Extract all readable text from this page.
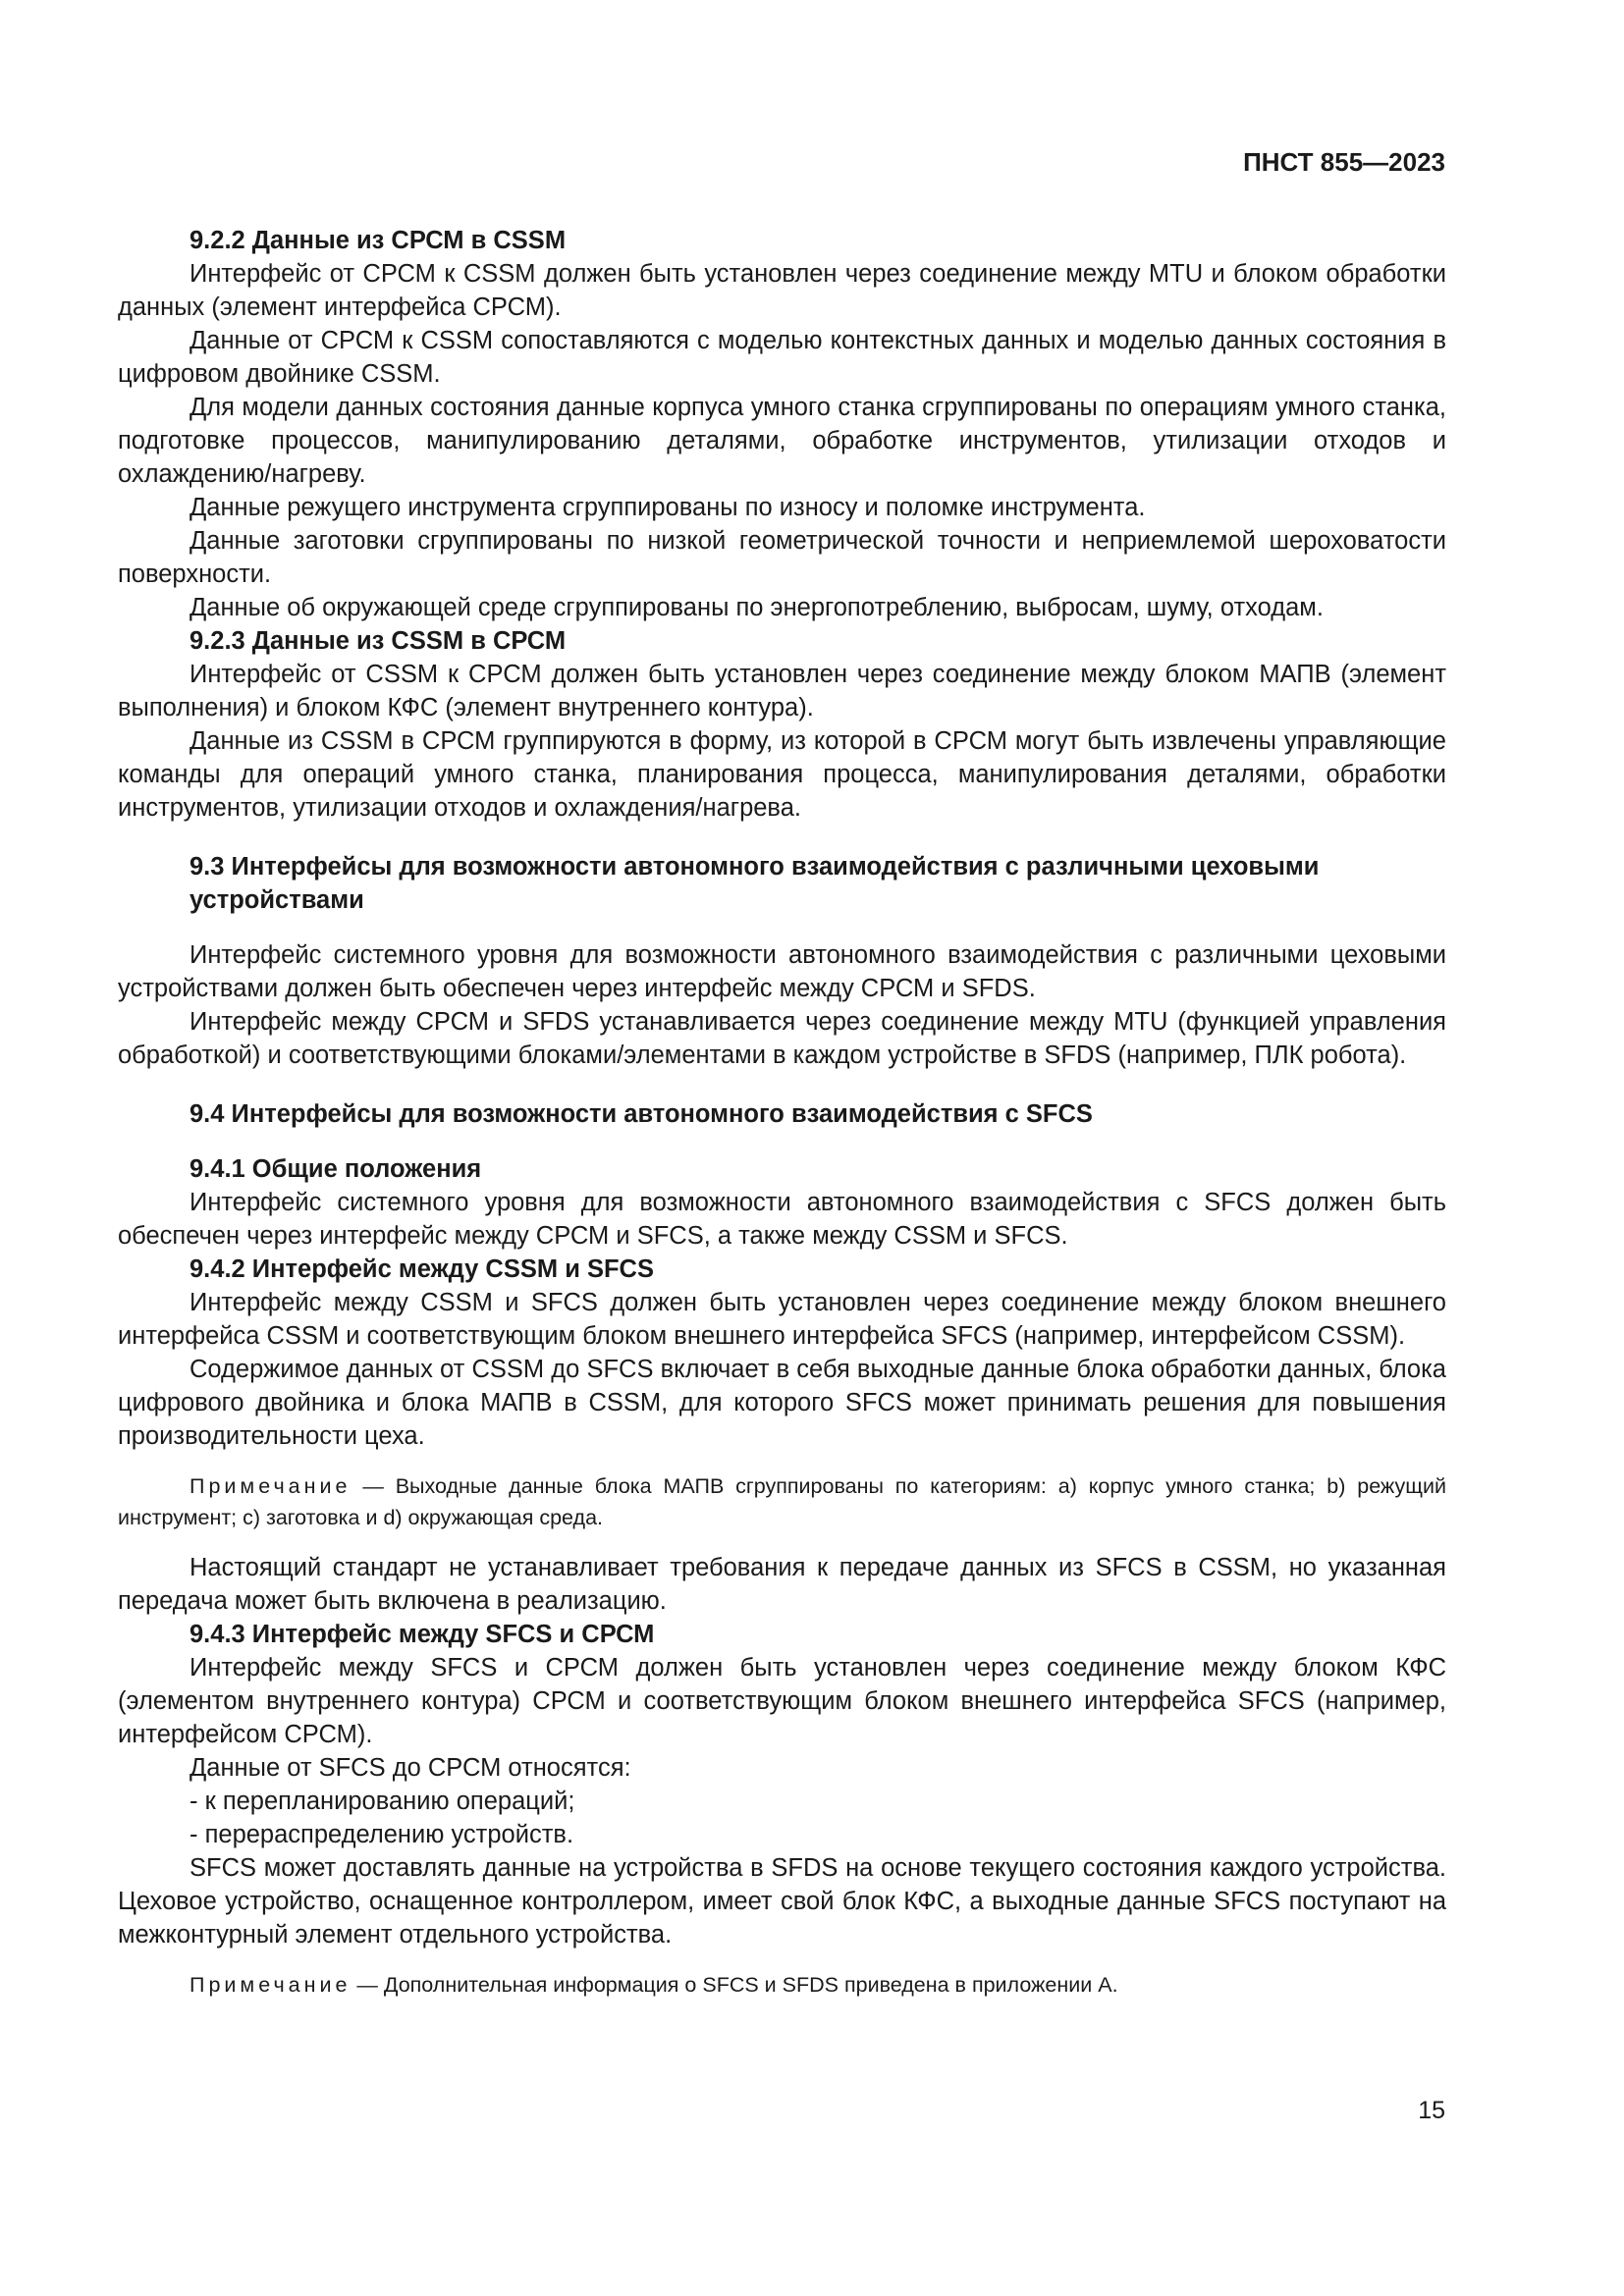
ПНСТ 855—2023

9.2.2 Данные из СРСМ в CSSM

Интерфейс от СРСМ к CSSM должен быть установлен через соединение между MTU и блоком обработки данных (элемент интерфейса СРСМ).

Данные от СРСМ к CSSM сопоставляются с моделью контекстных данных и моделью данных состояния в цифровом двойнике CSSM.

Для модели данных состояния данные корпуса умного станка сгруппированы по операциям умного станка, подготовке процессов, манипулированию деталями, обработке инструментов, утилизации отходов и охлаждению/нагреву.

Данные режущего инструмента сгруппированы по износу и поломке инструмента.

Данные заготовки сгруппированы по низкой геометрической точности и неприемлемой шероховатости поверхности.

Данные об окружающей среде сгруппированы по энергопотреблению, выбросам, шуму, отходам.

9.2.3 Данные из CSSM в СРСМ

Интерфейс от CSSM к СРСМ должен быть установлен через соединение между блоком МАПВ (элемент выполнения) и блоком КФС (элемент внутреннего контура).

Данные из CSSM в СРСМ группируются в форму, из которой в СРСМ могут быть извлечены управляющие команды для операций умного станка, планирования процесса, манипулирования деталями, обработки инструментов, утилизации отходов и охлаждения/нагрева.

9.3 Интерфейсы для возможности автономного взаимодействия с различными цеховыми
устройствами

Интерфейс системного уровня для возможности автономного взаимодействия с различными цеховыми устройствами должен быть обеспечен через интерфейс между СРСМ и SFDS.

Интерфейс между СРСМ и SFDS устанавливается через соединение между MTU (функцией управления обработкой) и соответствующими блоками/элементами в каждом устройстве в SFDS (например, ПЛК робота).

9.4 Интерфейсы для возможности автономного взаимодействия с SFCS

9.4.1 Общие положения

Интерфейс системного уровня для возможности автономного взаимодействия с SFCS должен быть обеспечен через интерфейс между СРСМ и SFCS, а также между CSSM и SFCS.

9.4.2 Интерфейс между CSSM и SFCS

Интерфейс между CSSM и SFCS должен быть установлен через соединение между блоком внешнего интерфейса CSSM и соответствующим блоком внешнего интерфейса SFCS (например, интерфейсом CSSM).

Содержимое данных от CSSM до SFCS включает в себя выходные данные блока обработки данных, блока цифрового двойника и блока МАПВ в CSSM, для которого SFCS может принимать решения для повышения производительности цеха.

Примечание — Выходные данные блока МАПВ сгруппированы по категориям: a) корпус умного станка; b) режущий инструмент; c) заготовка и d) окружающая среда.

Настоящий стандарт не устанавливает требования к передаче данных из SFCS в CSSM, но указанная передача может быть включена в реализацию.

9.4.3 Интерфейс между SFCS и СРСМ

Интерфейс между SFCS и СРСМ должен быть установлен через соединение между блоком КФС (элементом внутреннего контура) СРСМ и соответствующим блоком внешнего интерфейса SFCS (например, интерфейсом СРСМ).

Данные от SFCS до СРСМ относятся:

- к перепланированию операций;

- перераспределению устройств.

SFCS может доставлять данные на устройства в SFDS на основе текущего состояния каждого устройства. Цеховое устройство, оснащенное контроллером, имеет свой блок КФС, а выходные данные SFCS поступают на межконтурный элемент отдельного устройства.

Примечание — Дополнительная информация о SFCS и SFDS приведена в приложении А.

15
